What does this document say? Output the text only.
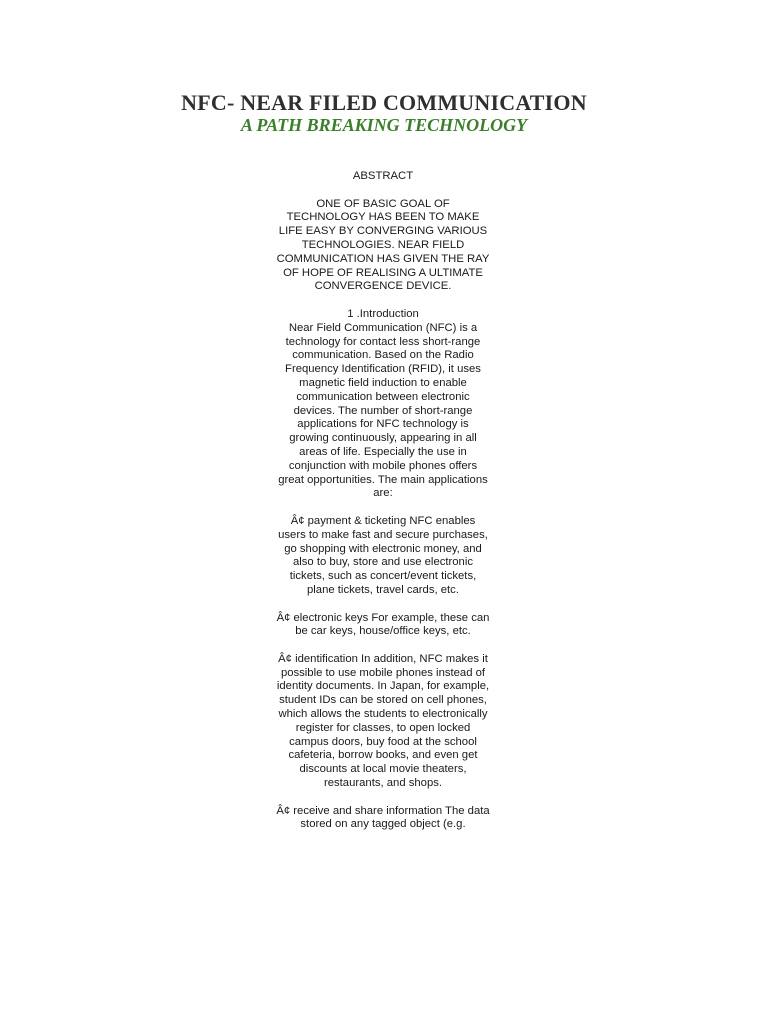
NFC- NEAR FILED COMMUNICATION
A PATH BREAKING TECHNOLOGY

ABSTRACT

ONE OF BASIC GOAL OF TECHNOLOGY HAS BEEN TO MAKE LIFE EASY BY CONVERGING VARIOUS TECHNOLOGIES. NEAR FIELD COMMUNICATION HAS GIVEN THE RAY OF HOPE OF REALISING A ULTIMATE CONVERGENCE DEVICE.

1 .Introduction

Near Field Communication (NFC) is a technology for contact less short-range communication. Based on the Radio Frequency Identification (RFID), it uses magnetic field induction to enable communication between electronic devices. The number of short-range applications for NFC technology is growing continuously, appearing in all areas of life. Especially the use in conjunction with mobile phones offers great opportunities. The main applications are:

Â¢ payment & ticketing NFC enables users to make fast and secure purchases, go shopping with electronic money, and also to buy, store and use electronic tickets, such as concert/event tickets, plane tickets, travel cards, etc.

Â¢ electronic keys For example, these can be car keys, house/office keys, etc.

Â¢ identification In addition, NFC makes it possible to use mobile phones instead of identity documents. In Japan, for example, student IDs can be stored on cell phones, which allows the students to electronically register for classes, to open locked campus doors, buy food at the school cafeteria, borrow books, and even get discounts at local movie theaters, restaurants, and shops.

Â¢ receive and share information The data stored on any tagged object (e.g.
